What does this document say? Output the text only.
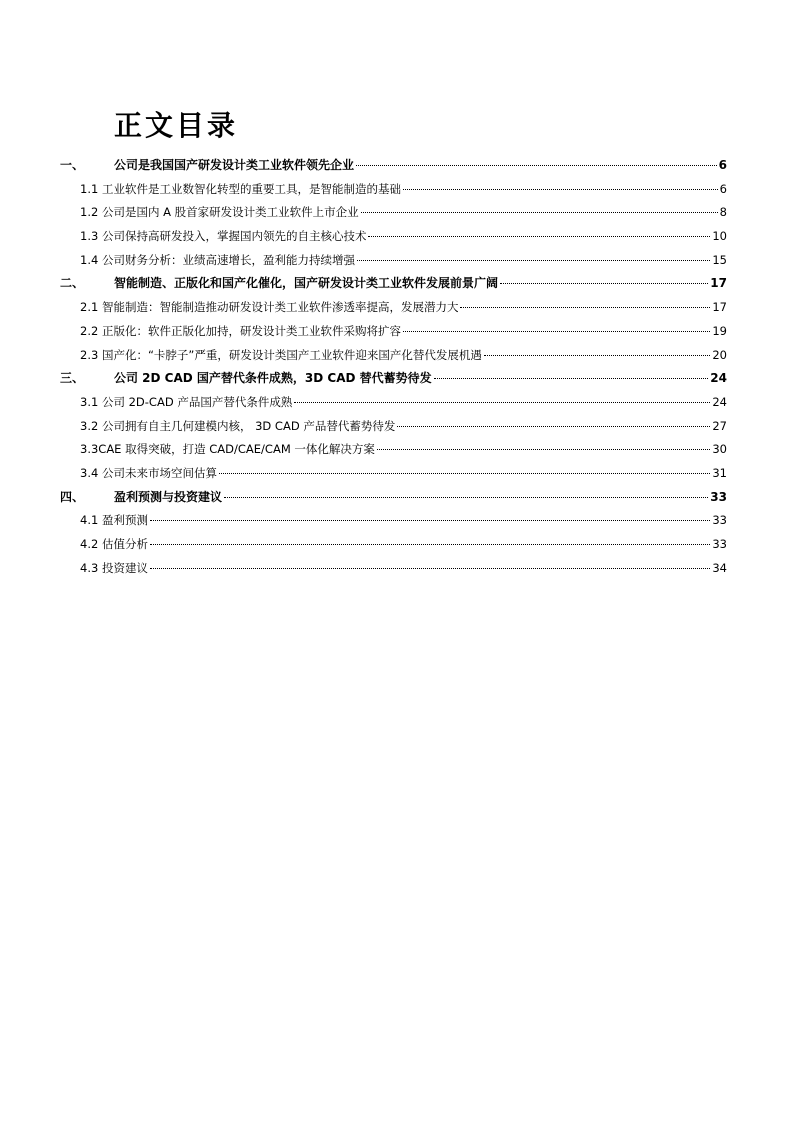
正文目录
一、	公司是我国国产研发设计类工业软件领先企业	6
1.1 工业软件是工业数智化转型的重要工具，是智能制造的基础	6
1.2 公司是国内 A 股首家研发设计类工业软件上市企业	8
1.3 公司保持高研发投入，掌握国内领先的自主核心技术	10
1.4 公司财务分析：业绩高速增长，盈利能力持续增强	15
二、	智能制造、正版化和国产化催化，国产研发设计类工业软件发展前景广阔	17
2.1 智能制造：智能制造推动研发设计类工业软件渗透率提高，发展潜力大	17
2.2 正版化：软件正版化加持，研发设计类工业软件采购将扩容	19
2.3 国产化：“卡脖子”严重，研发设计类国产工业软件迎来国产化替代发展机遇	20
三、	公司 2D CAD 国产替代条件成熟，3D CAD 替代蓄势待发	24
3.1 公司 2D-CAD 产品国产替代条件成熟	24
3.2 公司拥有自主几何建模内核， 3D CAD 产品替代蓄势待发	27
3.3CAE 取得突破，打造 CAD/CAE/CAM 一体化解决方案	30
3.4 公司未来市场空间估算	31
四、	盈利预测与投资建议	33
4.1 盈利预测	33
4.2 估值分析	33
4.3 投资建议	34
